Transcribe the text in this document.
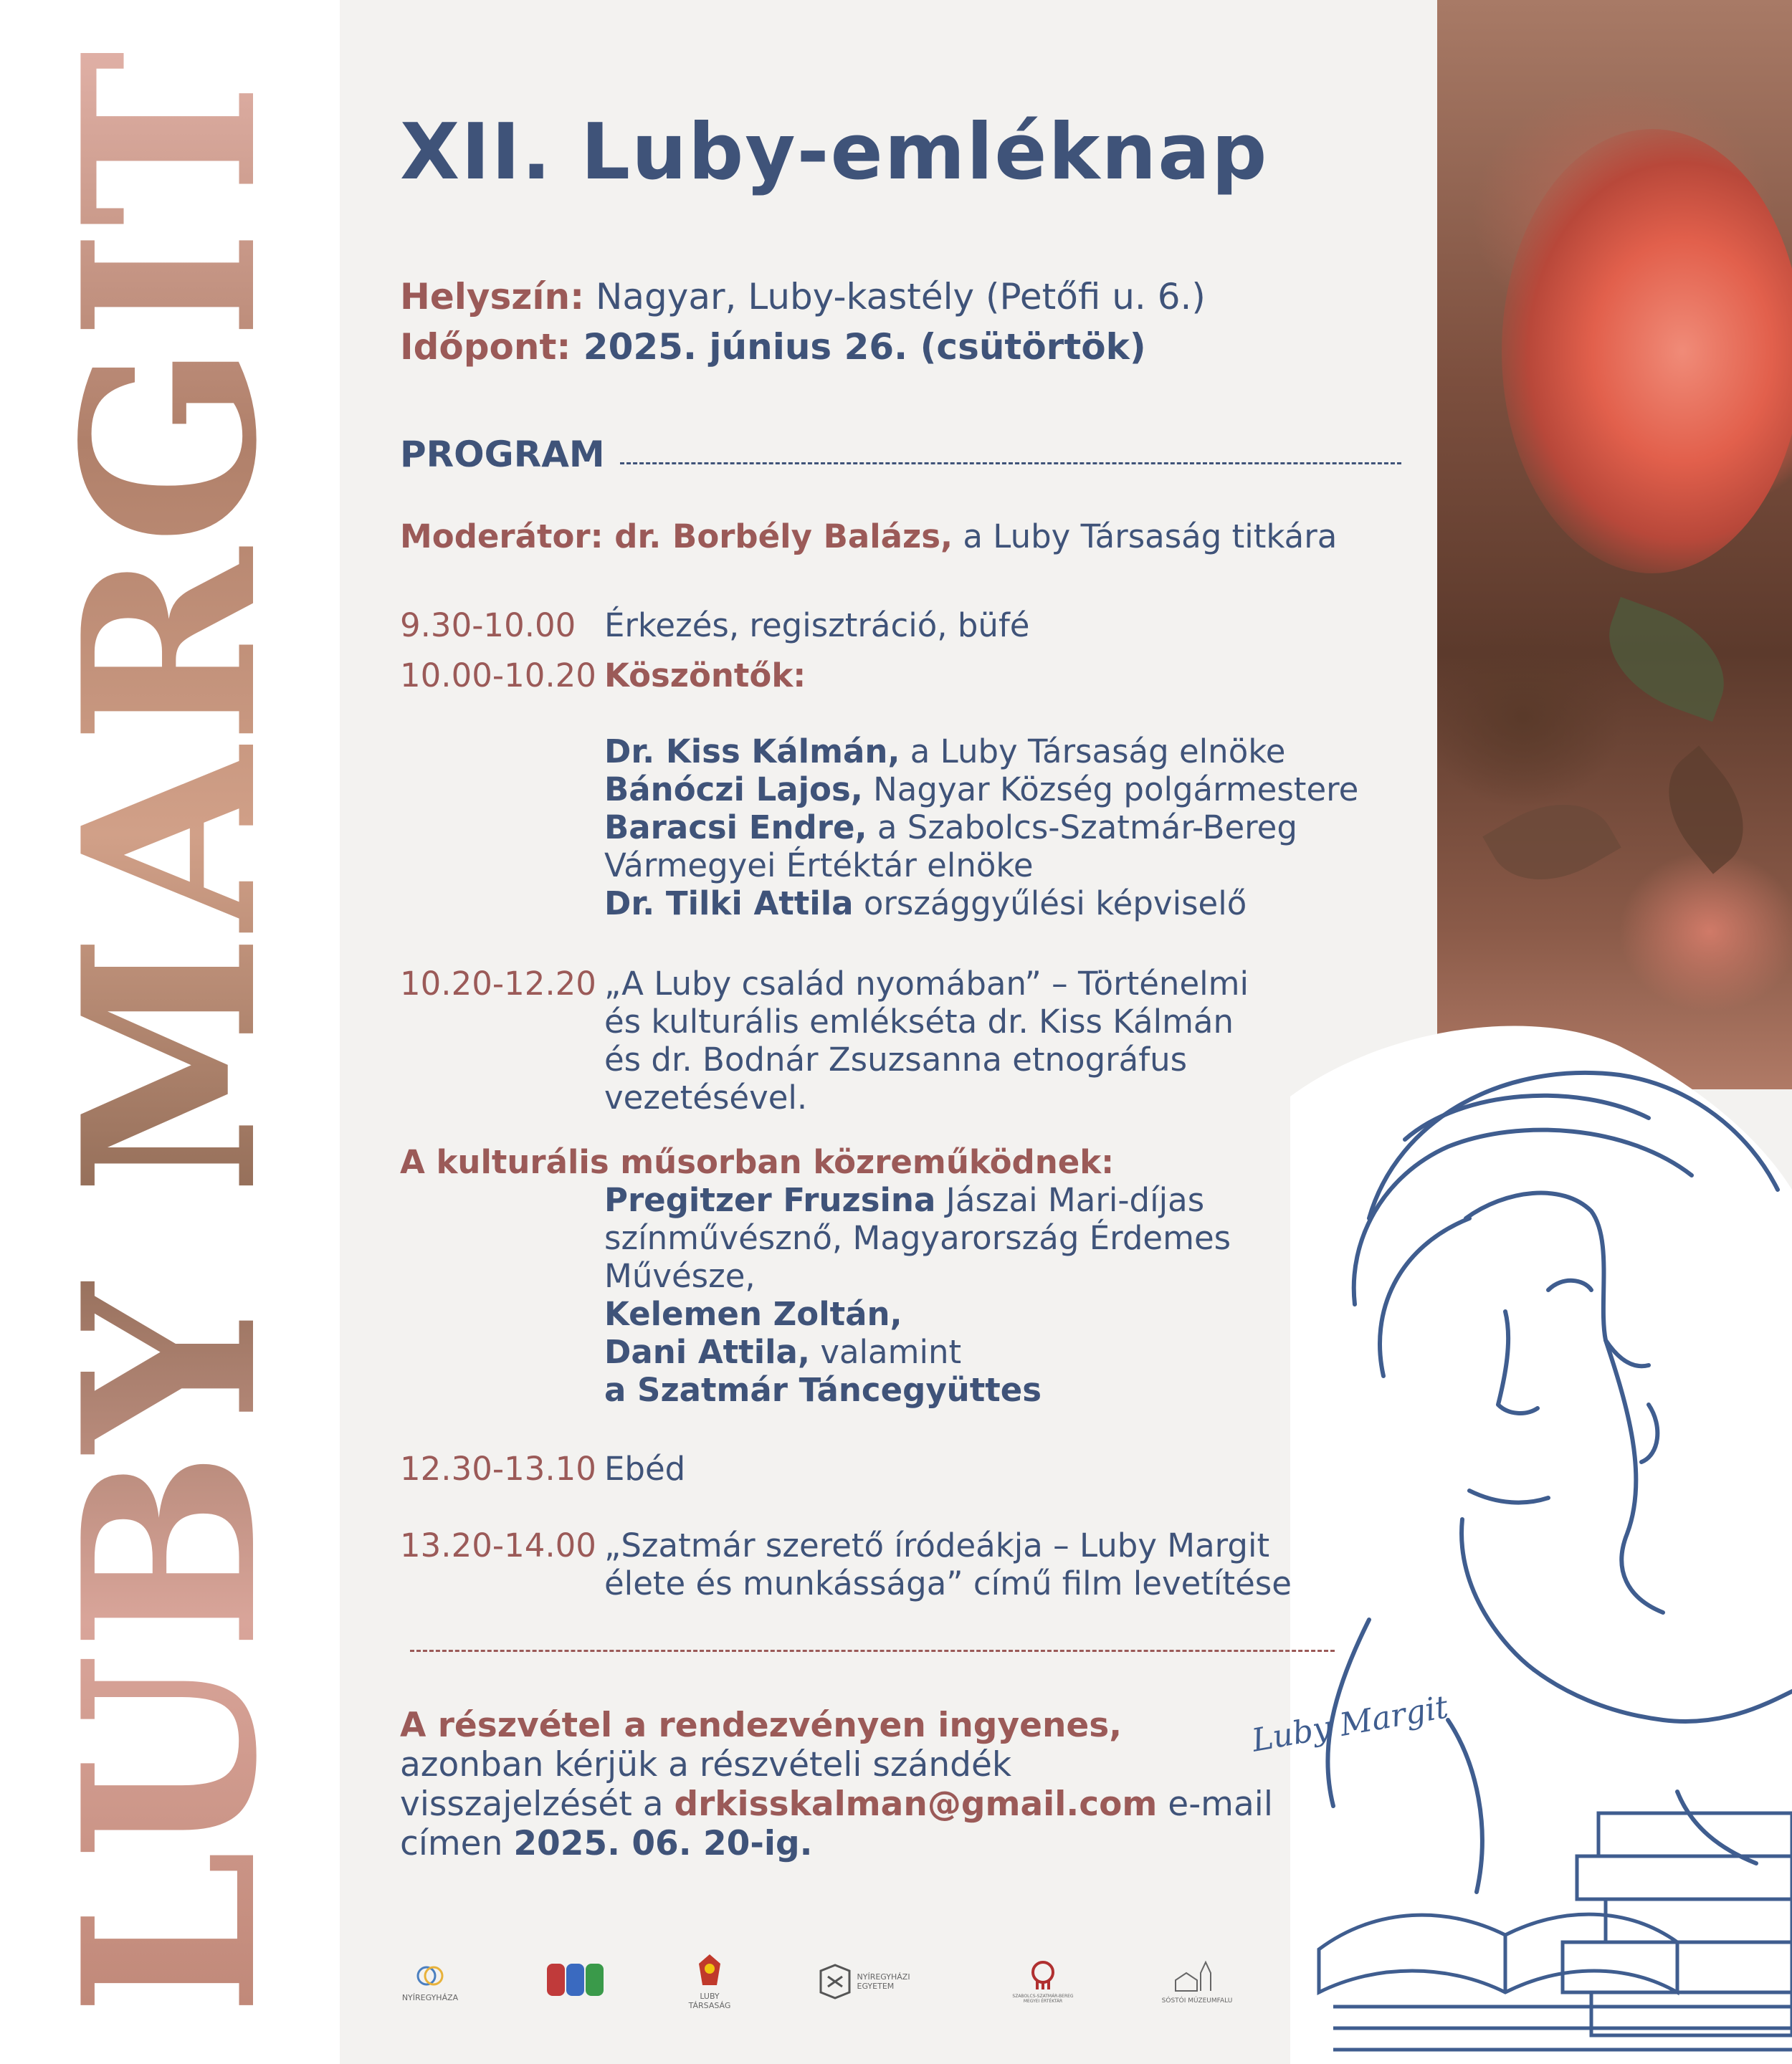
LUBY MARGIT	Luby Margit
XII. Luby-emléknap
Helyszín: Nagyar, Luby-kastély (Petőfi u. 6.)
Időpont: 2025. június 26. (csütörtök)
PROGRAM
Moderátor: dr. Borbély Balázs, a Luby Társaság titkára
9.30-10.00 Érkezés, regisztráció, büfé
10.00-10.20 Köszöntők:
Dr. Kiss Kálmán, a Luby Társaság elnöke
Bánóczi Lajos, Nagyar Község polgármestere
Baracsi Endre, a Szabolcs-Szatmár-Bereg
Vármegyei Értéktár elnöke
Dr. Tilki Attila országgyűlési képviselő
10.20-12.20 „A Luby család nyomában” – Történelmi
és kulturális emlékséta dr. Kiss Kálmán
és dr. Bodnár Zsuzsanna etnográfus
vezetésével.
A kulturális műsorban közreműködnek:
Pregitzer Fruzsina Jászai Mari-díjas
színművésznő, Magyarország Érdemes
Művésze,
Kelemen Zoltán,
Dani Attila, valamint
a Szatmár Táncegyüttes
12.30-13.10 Ebéd
13.20-14.00 „Szatmár szerető íródeákja – Luby Margit
élete és munkássága” című film levetítése
A részvétel a rendezvényen ingyenes,
azonban kérjük a részvételi szándék
visszajelzését a drkisskalman@gmail.com e-mail
címen 2025. 06. 20-ig.
NYÍREGYHÁZA	LUBY TÁRSASÁG
NYÍREGYHÁZI EGYETEM
SZABOLCS-SZATMÁR-BEREG MEGYEI ÉRTÉKTÁR	SÓSTÓI MÚZEUMFALU
